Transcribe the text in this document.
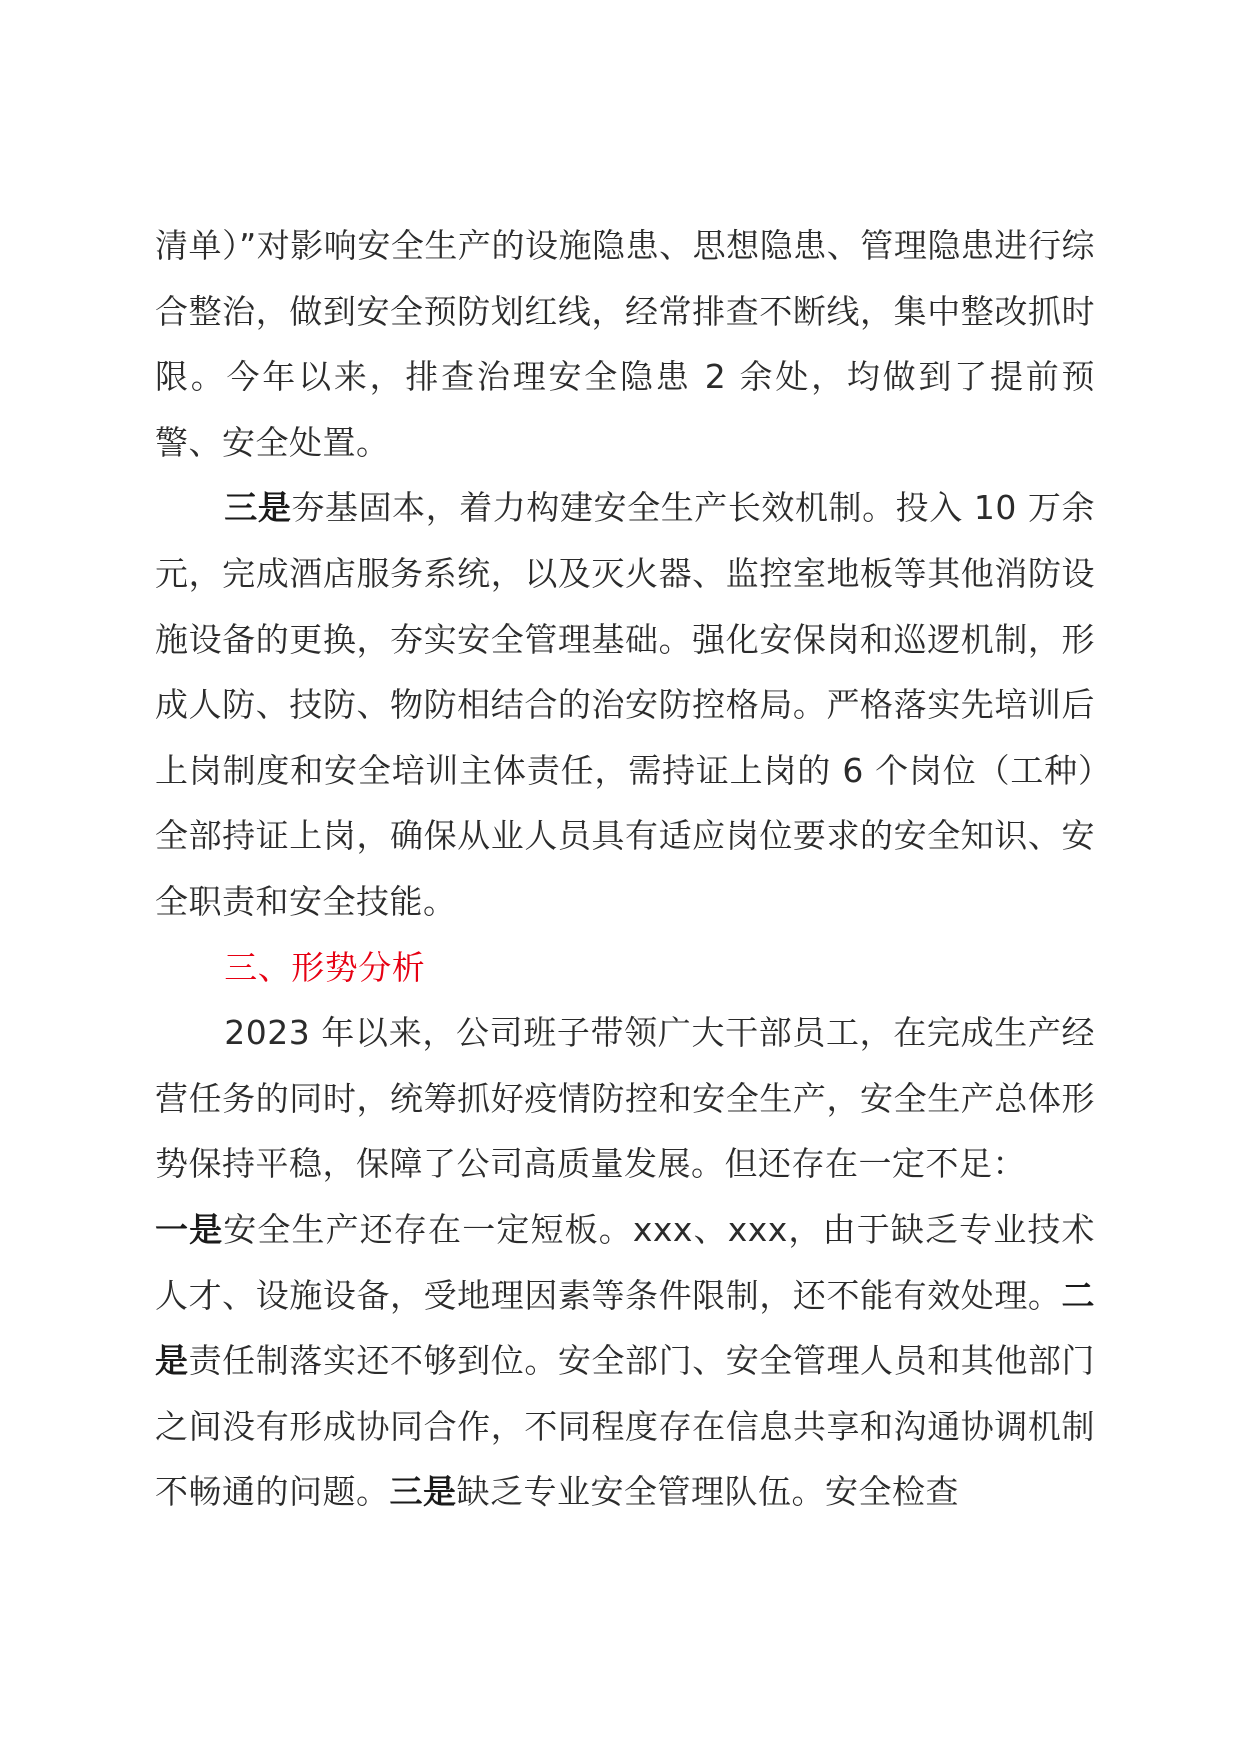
清单）”对影响安全生产的设施隐患、思想隐患、管理隐患进行综合整治，做到安全预防划红线，经常排查不断线，集中整改抓时限。今年以来，排查治理安全隐患 2 余处，均做到了提前预警、安全处置。

三是夯基固本，着力构建安全生产长效机制。投入 10 万余元，完成酒店服务系统，以及灭火器、监控室地板等其他消防设施设备的更换，夯实安全管理基础。强化安保岗和巡逻机制，形成人防、技防、物防相结合的治安防控格局。严格落实先培训后上岗制度和安全培训主体责任，需持证上岗的 6 个岗位（工种）全部持证上岗，确保从业人员具有适应岗位要求的安全知识、安全职责和安全技能。

三、形势分析

2023 年以来，公司班子带领广大干部员工，在完成生产经营任务的同时，统筹抓好疫情防控和安全生产，安全生产总体形势保持平稳，保障了公司高质量发展。但还存在一定不足：

一是安全生产还存在一定短板。xxx、xxx，由于缺乏专业技术人才、设施设备，受地理因素等条件限制，还不能有效处理。二是责任制落实还不够到位。安全部门、安全管理人员和其他部门之间没有形成协同合作，不同程度存在信息共享和沟通协调机制不畅通的问题。三是缺乏专业安全管理队伍。安全检查
